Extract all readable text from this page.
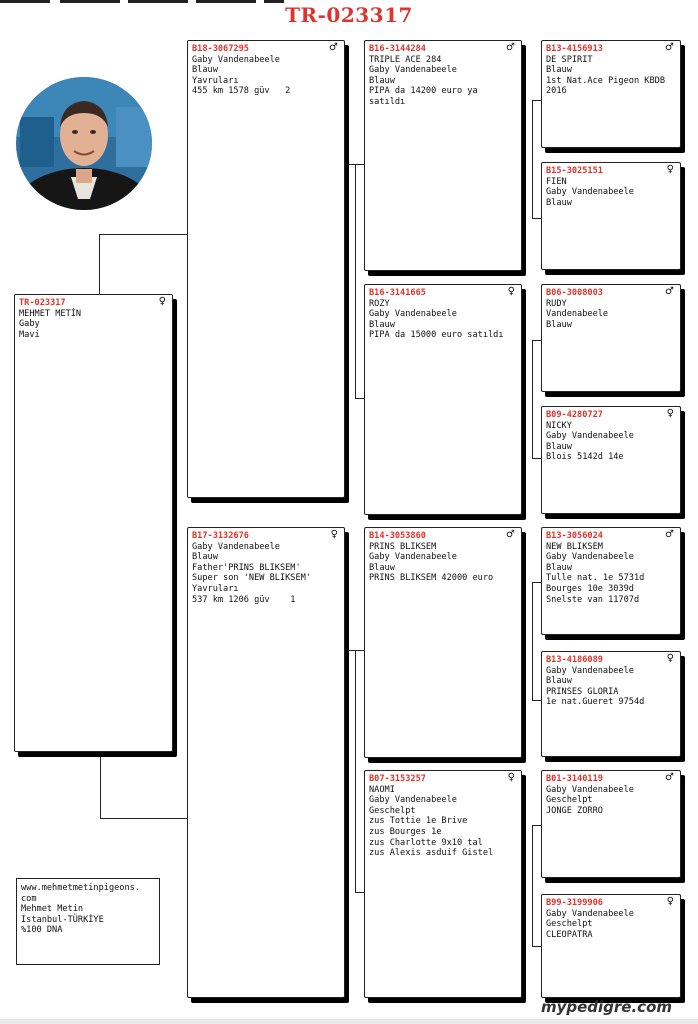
TR-023317
TR-023317	♀
MEHMET METİN
Gaby
Mavi
B18-3067295	♂
Gaby Vandenabeele
Blauw
Yavruları
455 km 1578 güv   2
B17-3132676	♀
Gaby Vandenabeele
Blauw
Father'PRINS BLIKSEM'
Super son 'NEW BLIKSEM'
Yavruları
537 km 1206 güv    1
B16-3144284	♂
TRIPLE ACE 284
Gaby Vandenabeele
Blauw
PIPA da 14200 euro ya
satıldı
B16-3141665	♀
ROZY
Gaby Vandenabeele
Blauw
PIPA da 15000 euro satıldı
B14-3053860	♂
PRINS BLIKSEM
Gaby Vandenabeele
Blauw
PRINS BLIKSEM 42000 euro
B07-3153257	♀
NAOMI
Gaby Vandenabeele
Geschelpt
zus Tottie 1e Brive
zus Bourges 1e
zus Charlotte 9x10 tal
zus Alexis asduif Gistel
B13-4156913	♂
DE SPIRIT
Blauw
1st Nat.Ace Pigeon KBDB
2016
B15-3025151	♀
FIEN
Gaby Vandenabeele
Blauw
B06-3008003	♂
RUDY
Vandenabeele
Blauw
B09-4280727	♀
NICKY
Gaby Vandenabeele
Blauw
Blois 5142d 14e
B13-3056024	♂
NEW BLIKSEM
Gaby Vandenabeele
Blauw
Tulle nat. 1e 5731d
Bourges 10e 3039d
Snelste van 11707d
B13-4186089	♀
Gaby Vandenabeele
Blauw
PRINSES GLORIA
1e nat.Gueret 9754d
B01-3140119	♂
Gaby Vandenabeele
Geschelpt
JONGE ZORRO
B99-3199906	♀
Gaby Vandenabeele
Geschelpt
CLEOPATRA
www.mehmetmetinpigeons.
com
Mehmet Metin
Istanbul-TÜRKİYE
%100 DNA
mypedigre.com
